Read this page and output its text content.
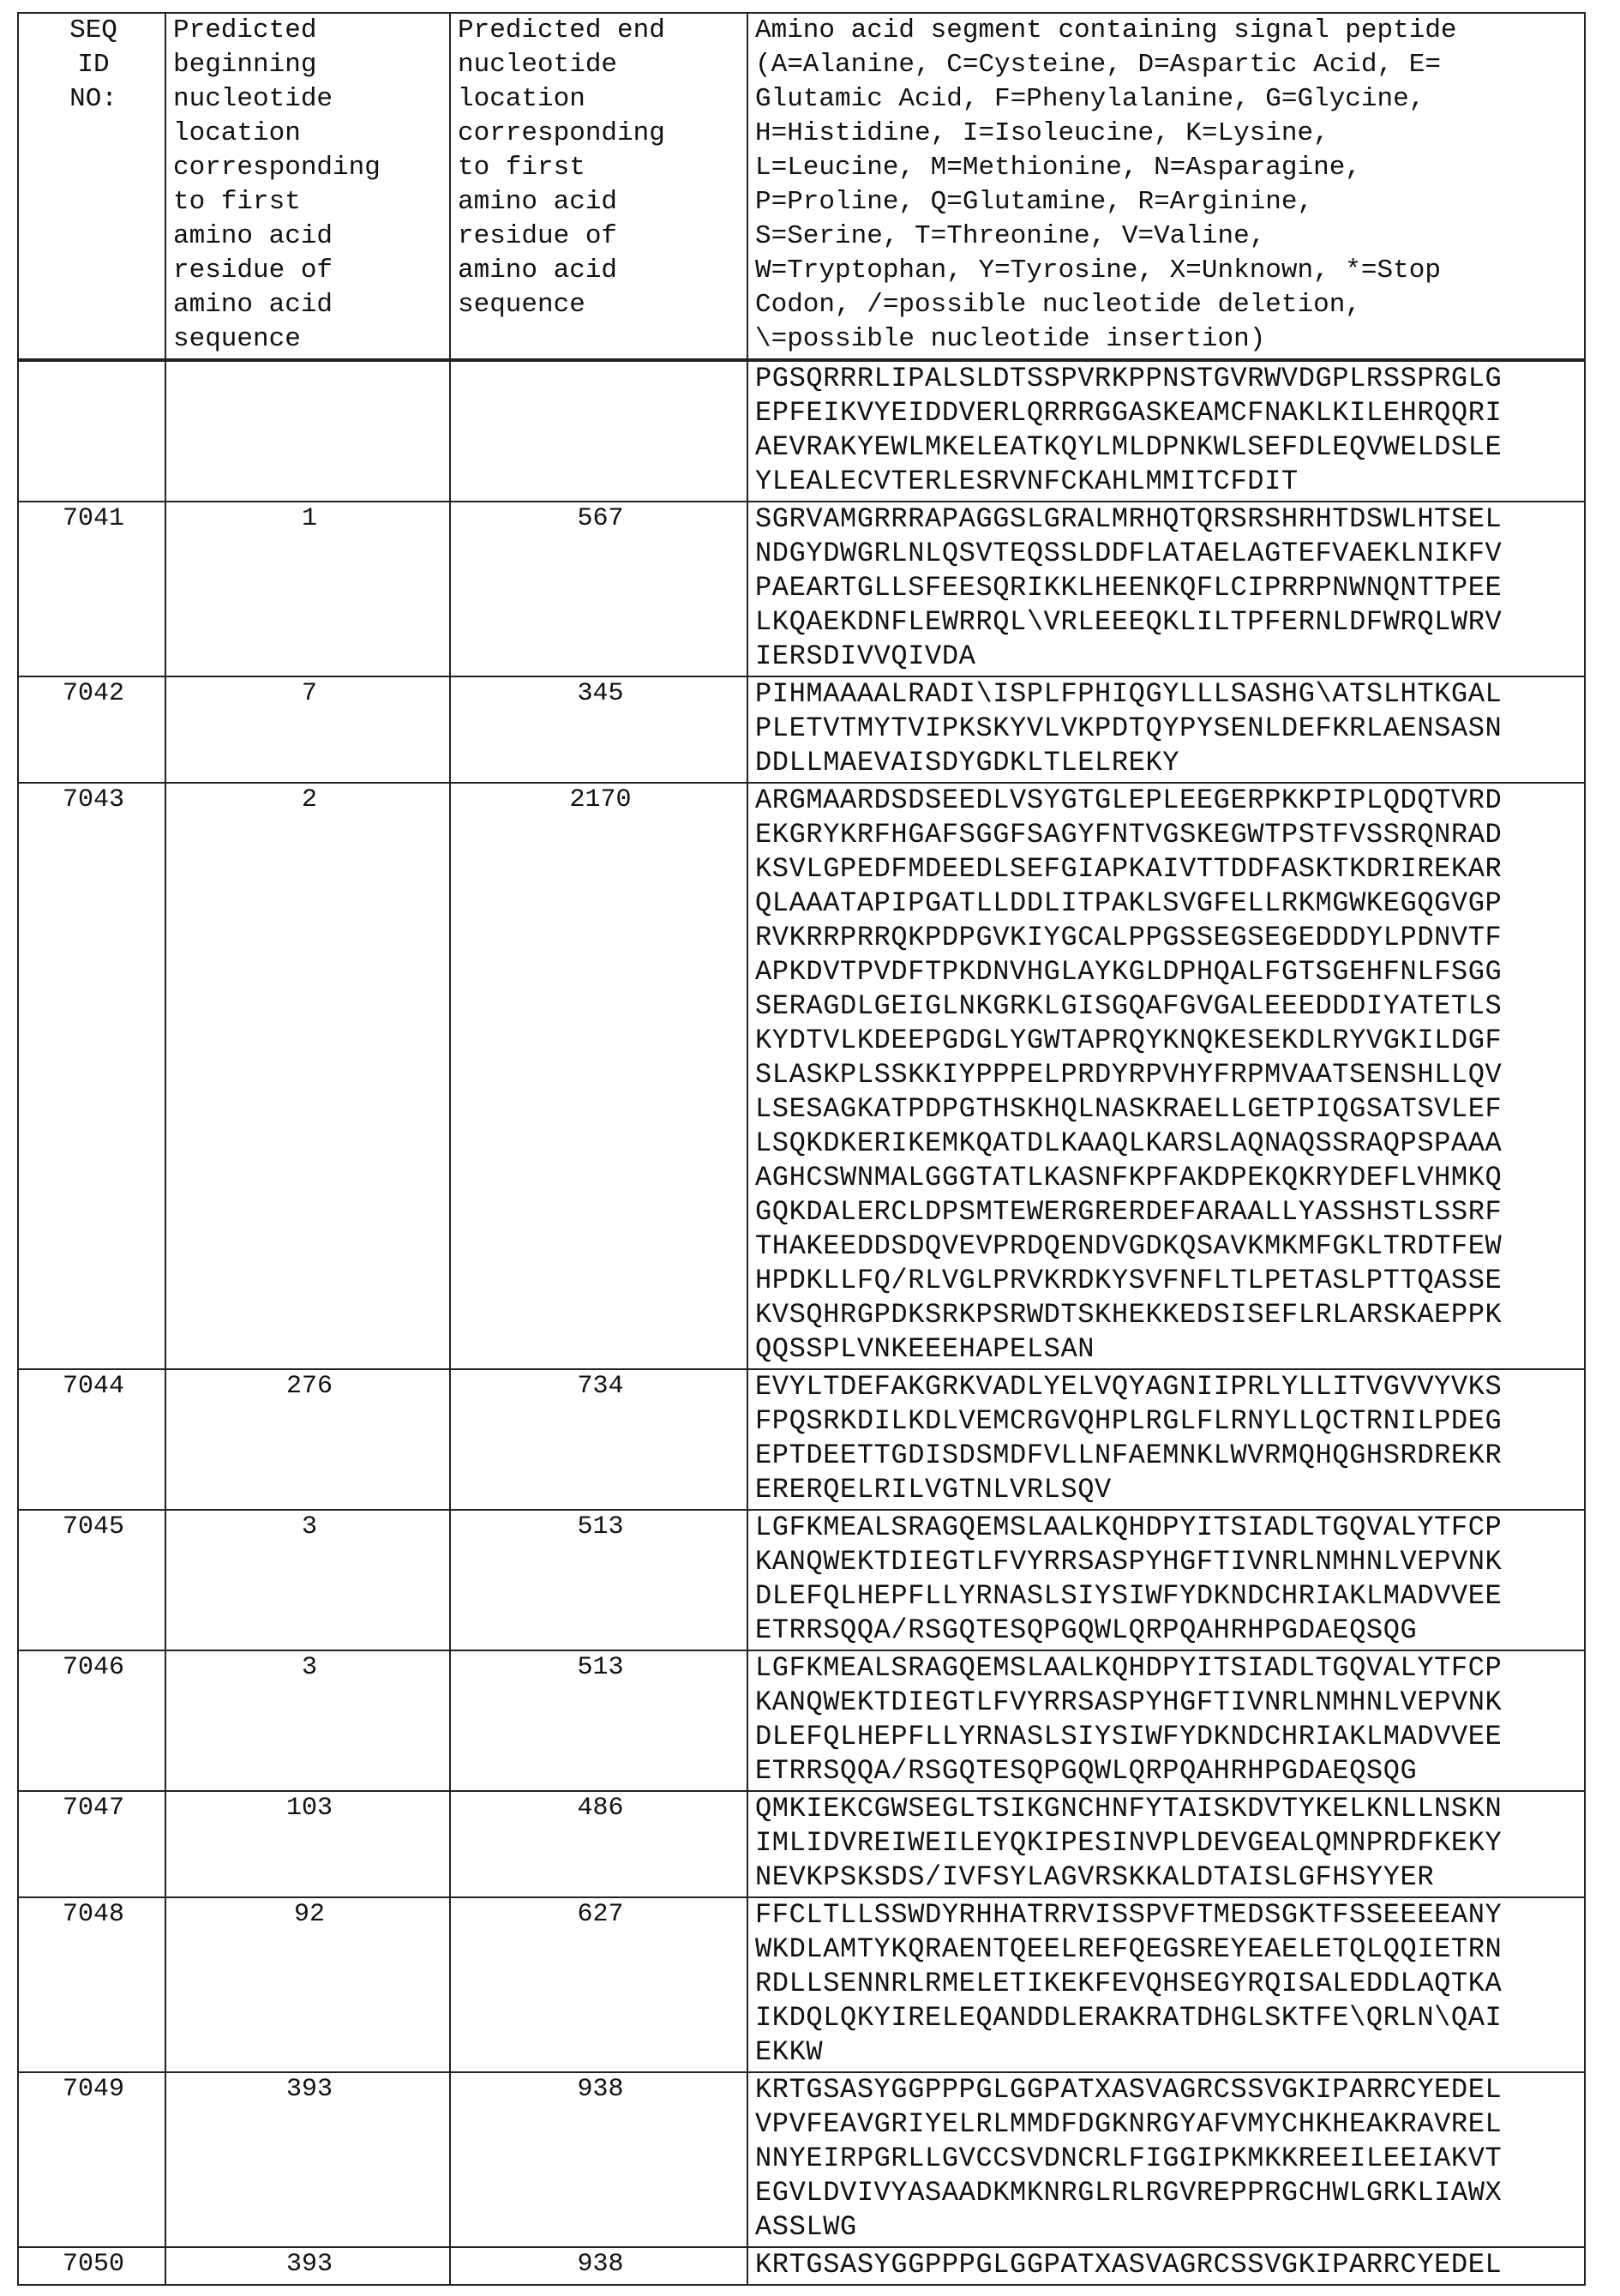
SEQ
ID
NO:

Predicted
beginning
nucleotide
location
corresponding
to first
amino acid
residue of
amino acid
sequence

Predicted end
nucleotide
location
corresponding
to first
amino acid
residue of
amino acid
sequence

Amino acid segment containing signal peptide
(A=Alanine, C=Cysteine, D=Aspartic Acid, E=
Glutamic Acid, F=Phenylalanine, G=Glycine,
H=Histidine, I=Isoleucine, K=Lysine,
L=Leucine, M=Methionine, N=Asparagine,
P=Proline, Q=Glutamine, R=Arginine,
S=Serine, T=Threonine, V=Valine,
W=Tryptophan, Y=Tyrosine, X=Unknown, *=Stop
Codon, /=possible nucleotide deletion,
\=possible nucleotide insertion)

PGSQRRRLIPALSLDTSSPVRKPPNSTGVRWVDGPLRSSPRGLG
EPFEIKVYEIDDVERLQRRRGGASKEAMCFNAKLKILEHRQQRI
AEVRAKYEWLMKELEATKQYLMLDPNKWLSEFDLEQVWELDSLE
YLEALECVTERLESRVNFCKAHLMMITCFDIT

7041	1	567	SGRVAMGRRRAPAGGSLGRALMRHQTQRSRSHRHTDSWLHTSEL
NDGYDWGRLNLQSVTEQSSLDDFLATAELAGTEFVAEKLNIKFV
PAEARTGLLSFEESQRIKKLHEENKQFLCIPRRPNWNQNTTPEE
LKQAEKDNFLEWRRQL\VRLEEEQKLILTPFERNLDFWRQLWRV
IERSDIVVQIVDA

7042	7	345	PIHMAAAALRADI\ISPLFPHIQGYLLLSASHG\ATSLHTKGAL
PLETVTMYTVIPKSKYVLVKPDTQYPYSENLDEFKRLAENSASN
DDLLMAEVAISDYGDKLTLELREKY

7043	2	2170	ARGMAARDSDSEEDLVSYGTGLEPLEEGERPKKPIPLQDQTVRD
EKGRYKRFHGAFSGGFSAGYFNTVGSKEGWTPSTFVSSRQNRAD
KSVLGPEDFMDEEDLSEFGIAPKAIVTTDDFASKTKDRIREKAR
QLAAATAPIPGATLLDDLITPAKLSVGFELLRKMGWKEGQGVGP
RVKRRPRRQKPDPGVKIYGCALPPGSSEGSEGEDDDYLPDNVTF
APKDVTPVDFTPKDNVHGLAYKGLDPHQALFGTSGEHFNLFSGG
SERAGDLGEIGLNKGRKLGISGQAFGVGALEEEDDDIYATETLS
KYDTVLKDEEPGDGLYGWTAPRQYKNQKESEKDLRYVGKILDGF
SLASKPLSSKKIYPPPELPRDYRPVHYFRPMVAATSENSHLLQV
LSESAGKATPDPGTHSKHQLNASKRAELLGETPIQGSATSVLEF
LSQKDKERIKEMKQATDLKAAQLKARSLAQNAQSSRAQPSPAAA
AGHCSWNMALGGGTATLKASNFKPFAKDPEKQKRYDEFLVHMKQ
GQKDALERCLDPSMTEWERGRERDEFARAALLYASSHSTLSSRF
THAKEEDDSDQVEVPRDQENDVGDKQSAVKMKMFGKLTRDTFEW
HPDKLLFQ/RLVGLPRVKRDKYSVFNFLTLPETASLPTTQASSE
KVSQHRGPDKSRKPSRWDTSKHEKKEDSISEFLRLARSKAEPPK
QQSSPLVNKEEEHAPELSAN

7044	276	734	EVYLTDEFAKGRKVADLYELVQYAGNIIPRLYLLITVGVVYVKS
FPQSRKDILKDLVEMCRGVQHPLRGLFLRNYLLQCTRNILPDEG
EPTDEETTGDISDSMDFVLLNFAEMNKLWVRMQHQGHSRDREKR
ERERQELRILVGTNLVRLSQV

7045	3	513	LGFKMEALSRAGQEMSLAALKQHDPYITSIADLTGQVALYTFCP
KANQWEKTDIEGTLFVYRRSASPYHGFTIVNRLNMHNLVEPVNK
DLEFQLHEPFLLYRNASLSIYSIWFYDKNDCHRIAKLMADVVEE
ETRRSQQA/RSGQTESQPGQWLQRPQAHRHPGDAEQSQG

7046	3	513	LGFKMEALSRAGQEMSLAALKQHDPYITSIADLTGQVALYTFCP
KANQWEKTDIEGTLFVYRRSASPYHGFTIVNRLNMHNLVEPVNK
DLEFQLHEPFLLYRNASLSIYSIWFYDKNDCHRIAKLMADVVEE
ETRRSQQA/RSGQTESQPGQWLQRPQAHRHPGDAEQSQG

7047	103	486	QMKIEKCGWSEGLTSIKGNCHNFYTAISKDVTYKELKNLLNSKN
IMLIDVREIWEILEYQKIPESINVPLDEVGEALQMNPRDFKEKY
NEVKPSKSDS/IVFSYLAGVRSKKALDTAISLGFHSYYER

7048	92	627	FFCLTLLSSWDYRHHATRRVISSPVFTMEDSGKTFSSEEEEANY
WKDLAMTYKQRAENTQEELREFQEGSREYEAELETQLQQIETRN
RDLLSENNRLRMELETIKEKFEVQHSEGYRQISALEDDLAQTKA
IKDQLQKYIRELEQANDDLERAKRATDHGLSKTFE\QRLN\QAI
EKKW

7049	393	938	KRTGSASYGGPPPGLGGPATXASVAGRCSSVGKIPARRCYEDEL
VPVFEAVGRIYELRLMMDFDGKNRGYAFVMYCHKHEAKRAVREL
NNYEIRPGRLLGVCCSVDNCRLFIGGIPKMKKREEILEEIAKVT
EGVLDVIVYASAADKMKNRGLRLRGVREPPRGCHWLGRKLIAWX
ASSLWG

7050	393	938	KRTGSASYGGPPPGLGGPATXASVAGRCSSVGKIPARRCYEDEL
